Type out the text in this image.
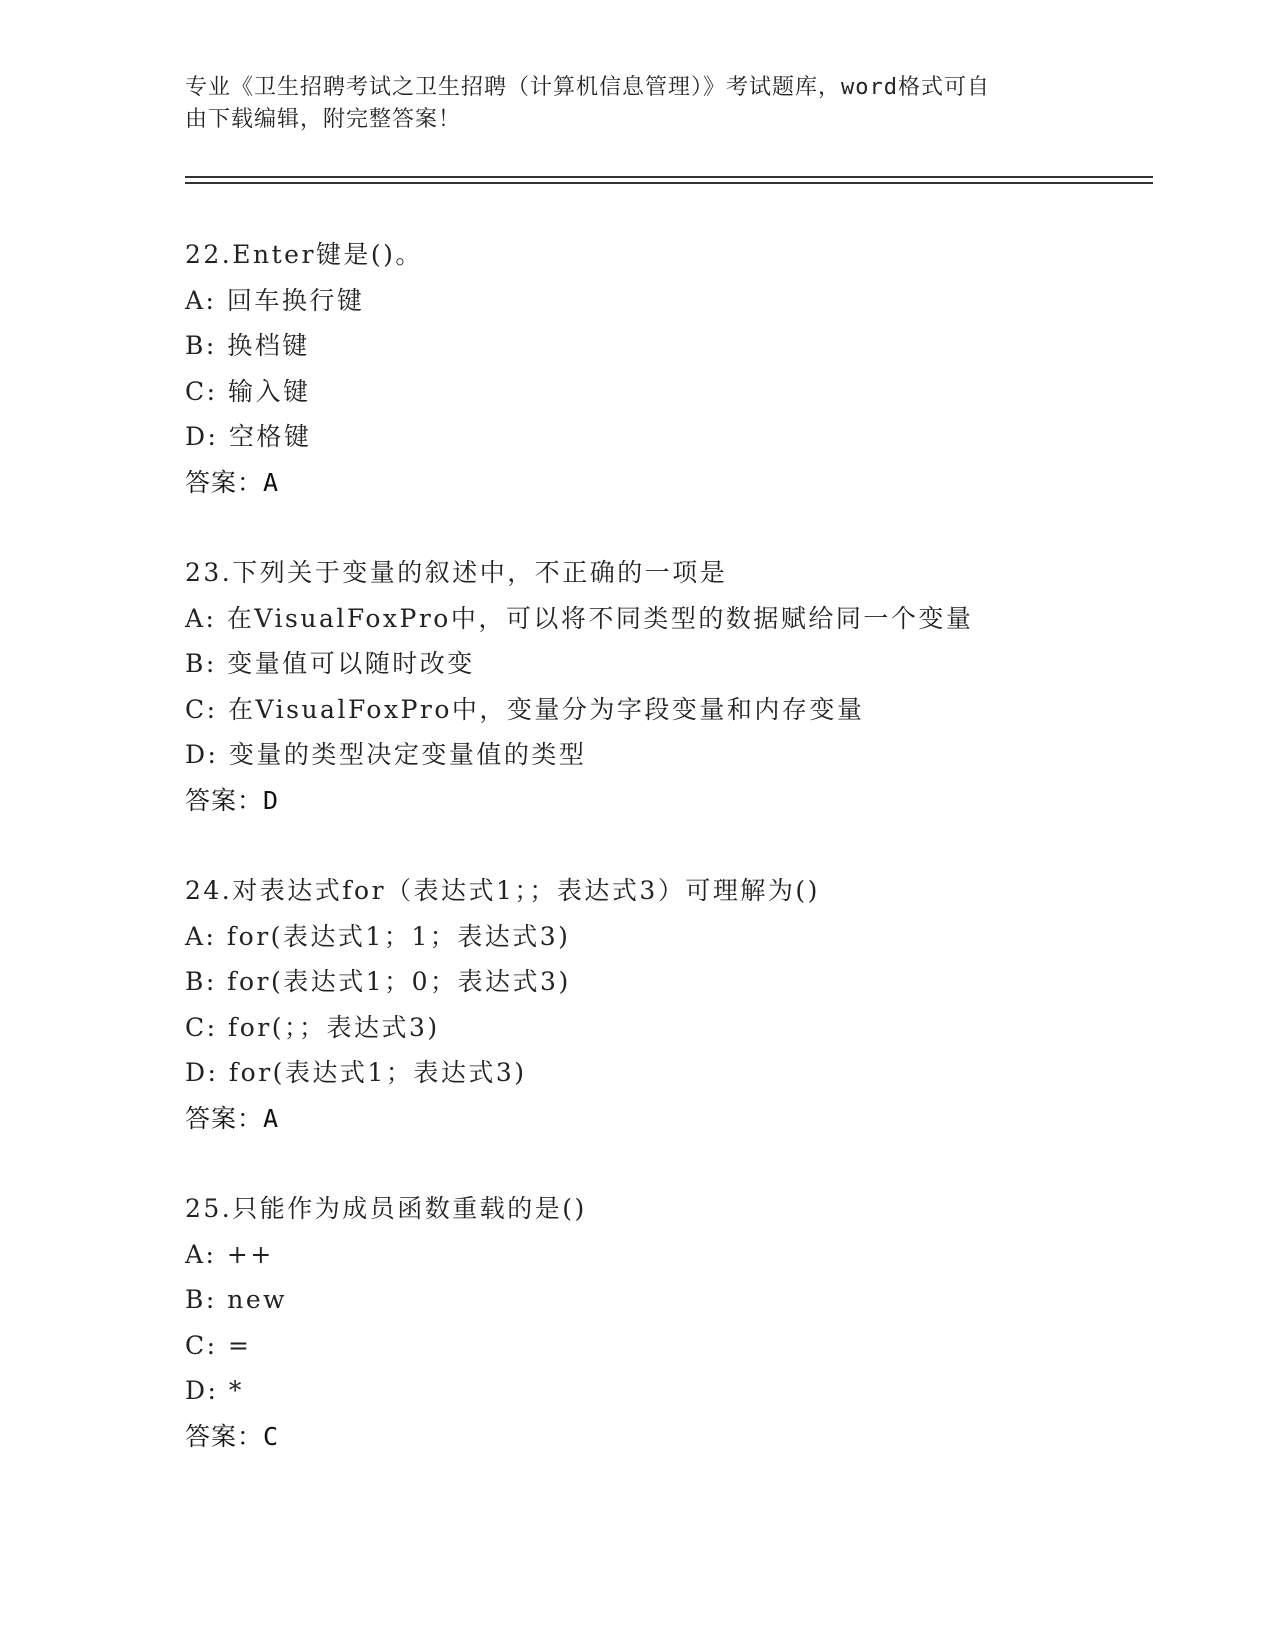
专业《卫生招聘考试之卫生招聘（计算机信息管理）》考试题库，word格式可自
由下载编辑，附完整答案！
22.Enter键是()。
A: 回车换行键
B: 换档键
C: 输入键
D: 空格键
答案：A
23.下列关于变量的叙述中，不正确的一项是
A: 在VisualFoxPro中，可以将不同类型的数据赋给同一个变量
B: 变量值可以随时改变
C: 在VisualFoxPro中，变量分为字段变量和内存变量
D: 变量的类型决定变量值的类型
答案：D
24.对表达式for（表达式1；；表达式3）可理解为()
A: for(表达式1；1；表达式3)
B: for(表达式1；0；表达式3)
C: for(；；表达式3)
D: for(表达式1；表达式3)
答案：A
25.只能作为成员函数重载的是()
A: ++
B: new
C: =
D: *
答案：C
